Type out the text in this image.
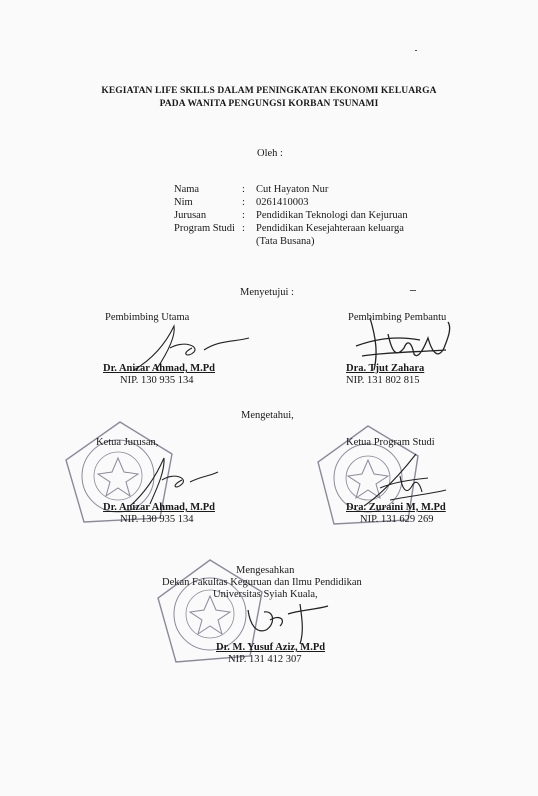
KEGIATAN LIFE SKILLS DALAM PENINGKATAN EKONOMI KELUARGA
PADA WANITA PENGUNGSI KORBAN TSUNAMI
Oleh :
Nama	: Cut Hayaton Nur
Nim	: 0261410003
Jurusan	: Pendidikan Teknologi dan Kejuruan
Program Studi : Pendidikan Kesejahteraan keluarga
(Tata Busana)
Menyetujui :
Pembimbing Utama
Dr. Anizar Ahmad, M.Pd
NIP. 130 935 134
Pembimbing Pembantu
Dra. Tjut Zahara
NIP. 131 802 815
Mengetahui,
Ketua Jurusan,
Dr. Anizar Ahmad, M.Pd
NIP. 130 935 134
Ketua Program Studi
Dra. Zuraini M, M.Pd
NIP. 131 629 269
Mengesahkan
Dekan Fakultas Keguruan dan Ilmu Pendidikan
Universitas Syiah Kuala,
Dr. M. Yusuf Aziz, M.Pd
NIP. 131 412 307
